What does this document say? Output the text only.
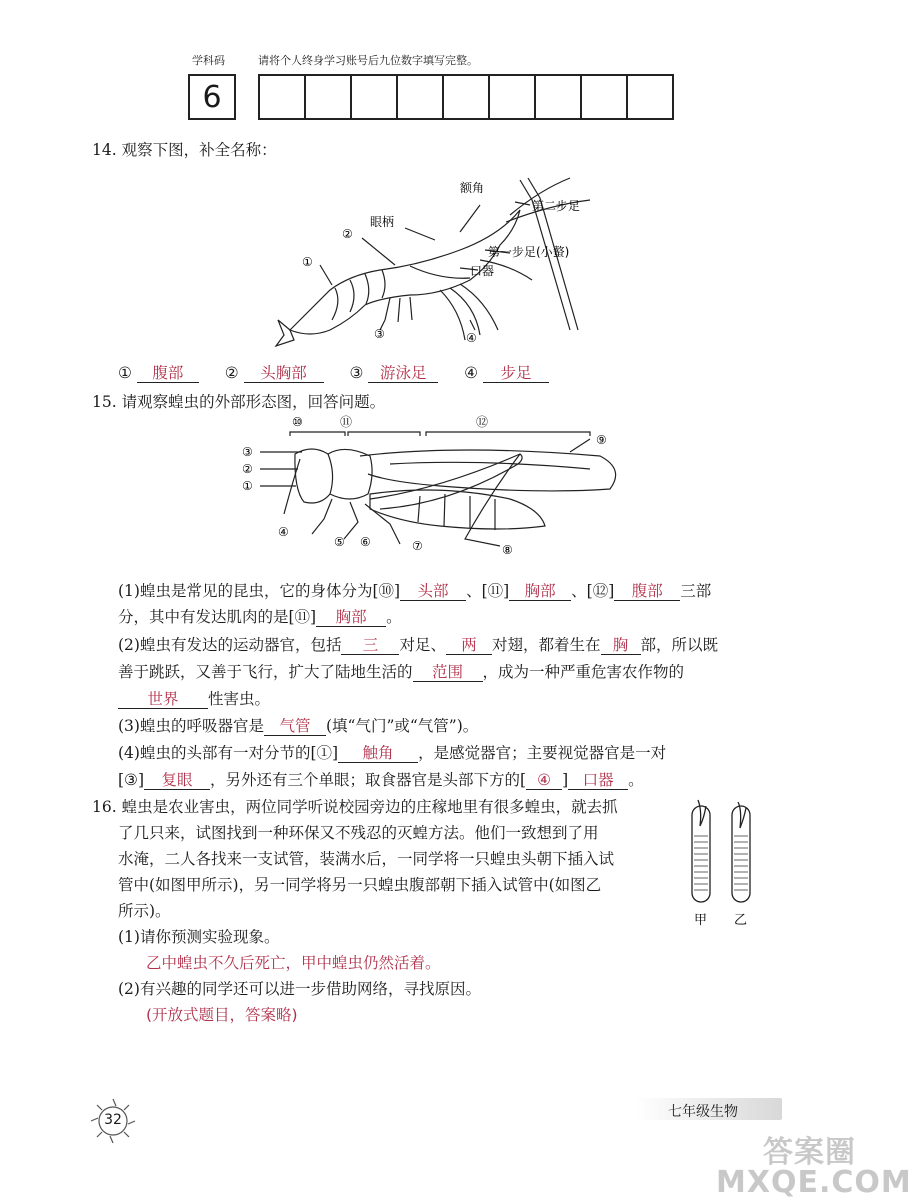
学科码	请将个人终身学习账号后九位数字填写完整。
6
14. 观察下图，补全名称：
①
②
③	④
眼柄
额角
第二步足
第一步足(小螯)
口器
① 腹部	② 头胸部	③ 游泳足 ④ 步足
15. 请观察蝗虫的外部形态图，回答问题。
⑩	⑪	⑫
③
②
①
④
⑤ ⑥	⑦	⑧
⑨
(1)蝗虫是常见的昆虫，它的身体分为[⑩] 头部 、[⑪] 胸部 、[⑫] 腹部 三部
分，其中有发达肌肉的是[⑪] 胸部 。
(2)蝗虫有发达的运动器官，包括 三 对足、 两 对翅，都着生在 胸 部，所以既
善于跳跃，又善于飞行，扩大了陆地生活的 范围 ，成为一种严重危害农作物的
世界 性害虫。
(3)蝗虫的呼吸器官是 气管 (填“气门”或“气管”)。
(4)蝗虫的头部有一对分节的[①] 触角 ，是感觉器官；主要视觉器官是一对
[③] 复眼 ，另外还有三个单眼；取食器官是头部下方的[ ④ ] 口器 。
16. 蝗虫是农业害虫，两位同学听说校园旁边的庄稼地里有很多蝗虫，就去抓
了几只来，试图找到一种环保又不残忍的灭蝗方法。他们一致想到了用
水淹，二人各找来一支试管，装满水后，一同学将一只蝗虫头朝下插入试
管中(如图甲所示)，另一同学将另一只蝗虫腹部朝下插入试管中(如图乙
所示)。
(1)请你预测实验现象。
乙中蝗虫不久后死亡，甲中蝗虫仍然活着。
(2)有兴趣的同学还可以进一步借助网络，寻找原因。
(开放式题目，答案略)
甲 乙
32	七年级生物
答案圈 MXQE.COM
